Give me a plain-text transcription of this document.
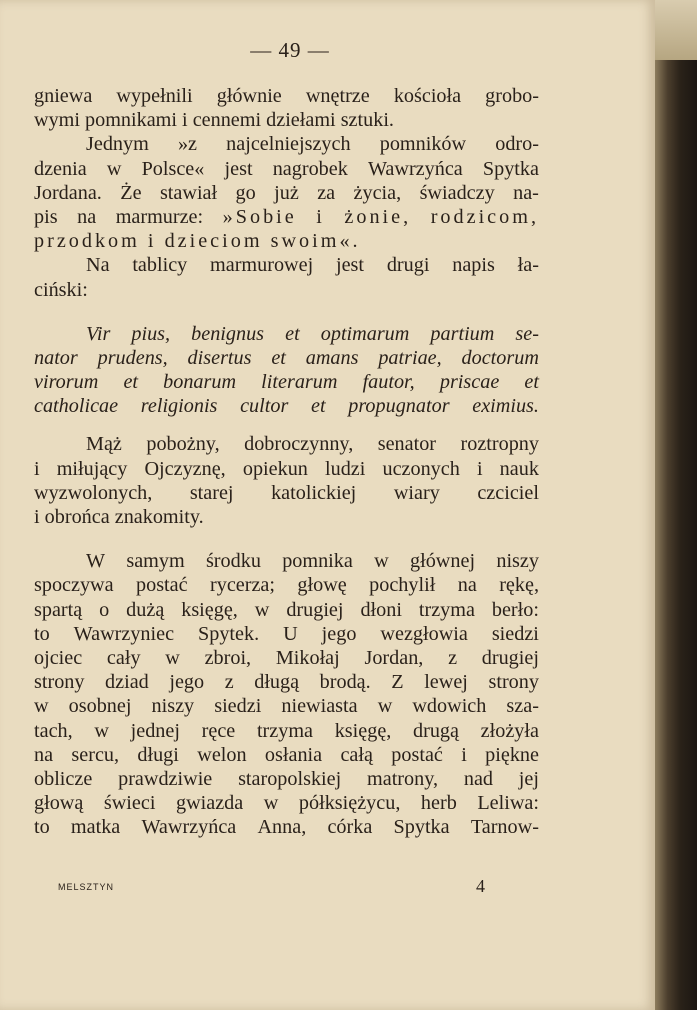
— 49 —
gniewa wypełnili głównie wnętrze kościoła grobo-
wymi pomnikami i cennemi dziełami sztuki.
Jednym »z najcelniejszych pomników odro-
dzenia w Polsce« jest nagrobek Wawrzyńca Spytka
Jordana. Że stawiał go już za życia, świadczy na-
pis na marmurze: »Sobie i żonie, rodzicom,
przodkom i dzieciom swoim«.
Na tablicy marmurowej jest drugi napis ła-
ciński:
Vir pius, benignus et optimarum partium se-
nator prudens, disertus et amans patriae, doctorum
virorum et bonarum literarum fautor, priscae et
catholicae religionis cultor et propugnator eximius.
Mąż pobożny, dobroczynny, senator roztropny
i miłujący Ojczyznę, opiekun ludzi uczonych i nauk
wyzwolonych, starej katolickiej wiary czciciel
i obrońca znakomity.
W samym środku pomnika w głównej niszy
spoczywa postać rycerza; głowę pochylił na rękę,
spartą o dużą księgę, w drugiej dłoni trzyma berło:
to Wawrzyniec Spytek. U jego wezgłowia siedzi
ojciec cały w zbroi, Mikołaj Jordan, z drugiej
strony dziad jego z długą brodą. Z lewej strony
w osobnej niszy siedzi niewiasta w wdowich sza-
tach, w jednej ręce trzyma księgę, drugą złożyła
na sercu, długi welon osłania całą postać i piękne
oblicze prawdziwie staropolskiej matrony, nad jej
głową świeci gwiazda w półksiężycu, herb Leliwa:
to matka Wawrzyńca Anna, córka Spytka Tarnow-
MELSZTYN	4
